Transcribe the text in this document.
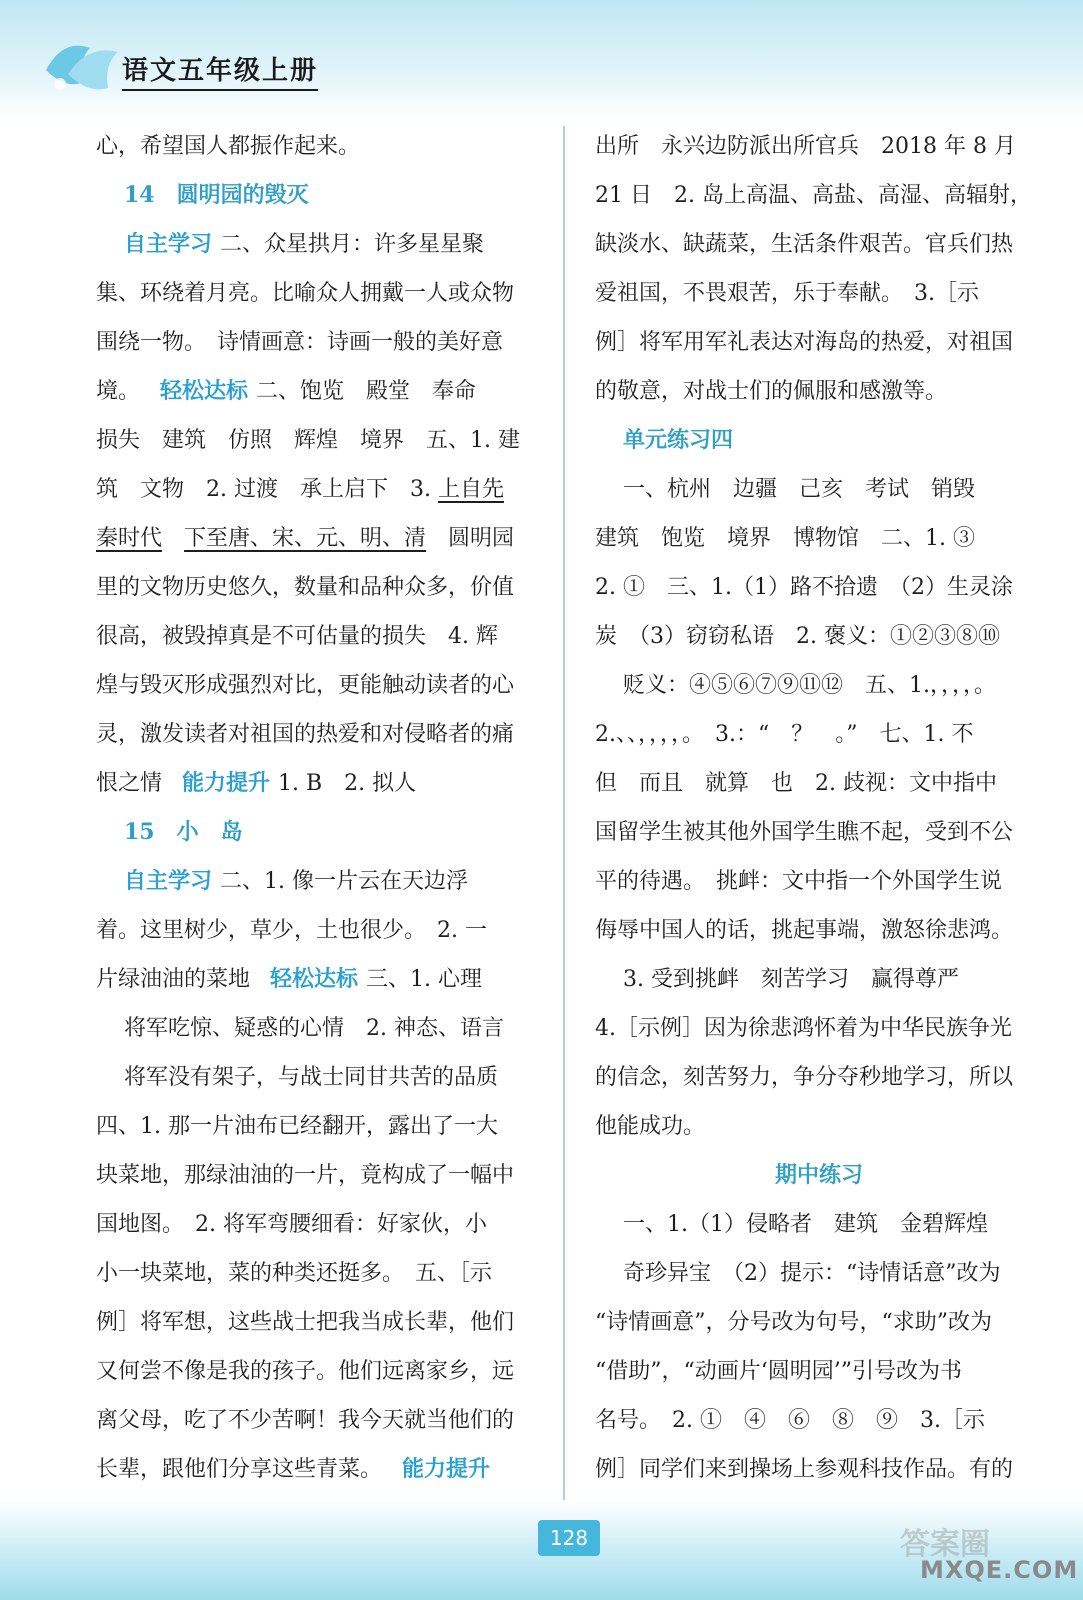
语文五年级上册

心，希望国人都振作起来。

14　圆明园的毁灭

自主学习 二、众星拱月：许多星星聚

集、环绕着月亮。比喻众人拥戴一人或众物

围绕一物。　诗情画意：诗画一般的美好意

境。 轻松达标 二、饱览　殿堂　奉命

损失　建筑　仿照　辉煌　境界　五、1. 建

筑　文物　2. 过渡　承上启下　3. 上自先

秦时代　 下至唐、宋、元、明、清　圆明园

里的文物历史悠久，数量和品种众多，价值

很高，被毁掉真是不可估量的损失　4. 辉

煌与毁灭形成强烈对比，更能触动读者的心

灵，激发读者对祖国的热爱和对侵略者的痛

恨之情 能力提升 1. B　2. 拟人

15　小　岛

自主学习 二、1. 像一片云在天边浮

着。这里树少，草少，土也很少。　2. 一

片绿油油的菜地 轻松达标 三、1. 心理

将军吃惊、疑惑的心情　2. 神态、语言

将军没有架子，与战士同甘共苦的品质

四、1. 那一片油布已经翻开，露出了一大

块菜地，那绿油油的一片，竟构成了一幅中

国地图。　2. 将军弯腰细看：好家伙，小

小一块菜地，菜的种类还挺多。　五、［示

例］将军想，这些战士把我当成长辈，他们

又何尝不像是我的孩子。他们远离家乡，远

离父母，吃了不少苦啊！我今天就当他们的

长辈，跟他们分享这些青菜。 能力提升

出所　永兴边防派出所官兵　2018 年 8 月

21 日　2. 岛上高温、高盐、高湿、高辐射，

缺淡水、缺蔬菜，生活条件艰苦。官兵们热

爱祖国，不畏艰苦，乐于奉献。　3.［示

例］将军用军礼表达对海岛的热爱，对祖国

的敬意，对战士们的佩服和感激等。

单元练习四

一、杭州　边疆　己亥　考试　销毁

建筑　饱览　境界　博物馆　二、1. ③

2. ①　三、1.（1）路不拾遗　（2）生灵涂

炭　（3）窃窃私语　2. 褒义：①②③⑧⑩

贬义：④⑤⑥⑦⑨⑪⑫　五、1.，，，，。

2.、、，，，，。　3.：“　？　。”　七、1. 不

但　而且　就算　也　2. 歧视：文中指中

国留学生被其他外国学生瞧不起，受到不公

平的待遇。　挑衅：文中指一个外国学生说

侮辱中国人的话，挑起事端，激怒徐悲鸿。

3. 受到挑衅　刻苦学习　赢得尊严

4.［示例］因为徐悲鸿怀着为中华民族争光

的信念，刻苦努力，争分夺秒地学习，所以

他能成功。

期中练习

一、1.（1）侵略者　建筑　金碧辉煌

奇珍异宝　（2）提示：“诗情话意”改为

“诗情画意”，分号改为句号，“求助”改为

“借助”，“动画片‘圆明园’”引号改为书

名号。　2. ①　④　⑥　⑧　⑨　3.［示

例］同学们来到操场上参观科技作品。有的

128	答案圈
MXQE.COM
